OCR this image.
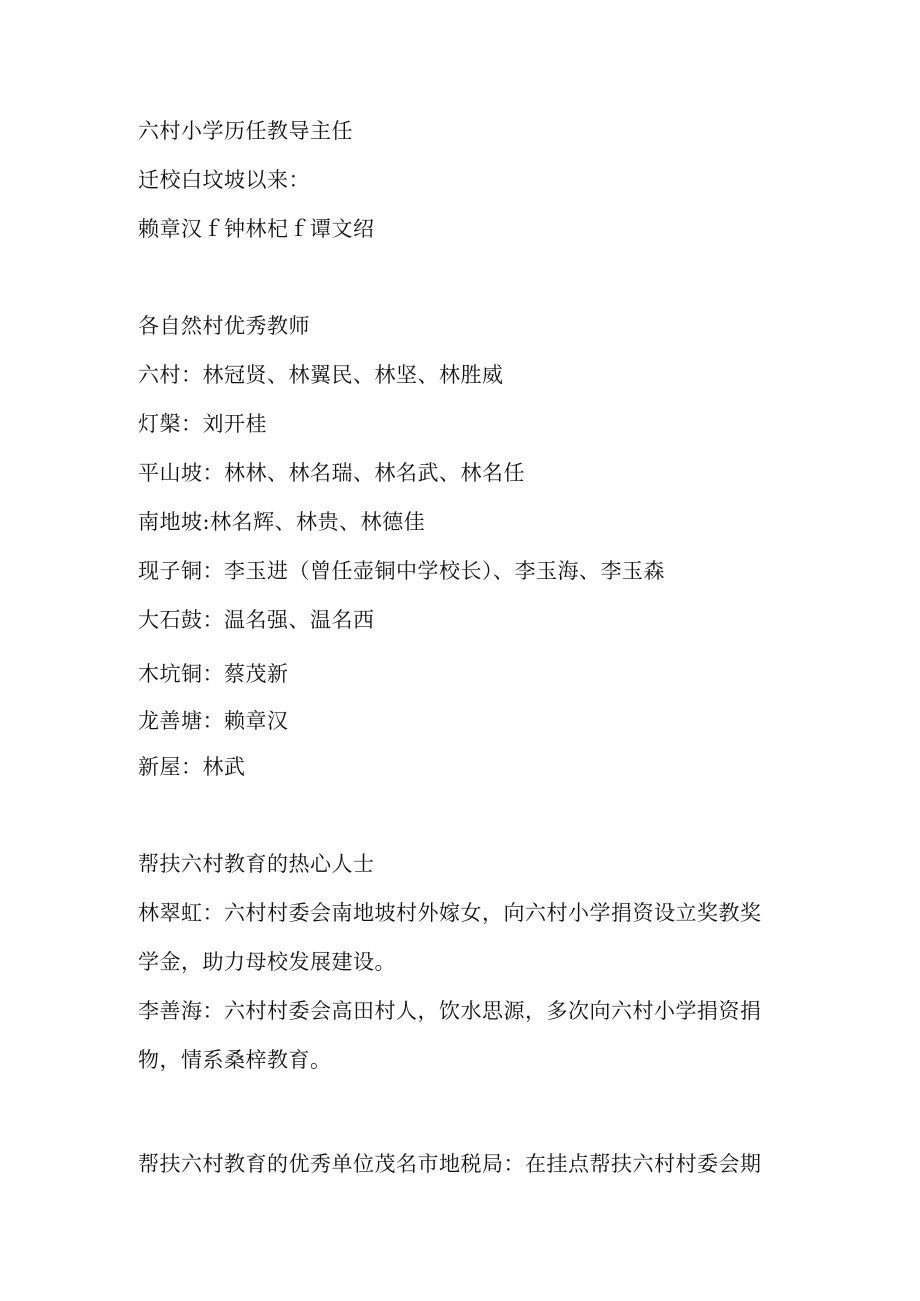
六村小学历任教导主任
迁校白坟坡以来：
赖章汉ｆ钟林杞ｆ谭文绍
各自然村优秀教师
六村：林冠贤、林翼民、林坚、林胜威
灯槃：刘开桂
平山坡：林林、林名瑞、林名武、林名任
南地坡:林名辉、林贵、林德佳
现子铜：李玉进（曾任壶铜中学校长）、李玉海、李玉森
大石鼓：温名强、温名西
木坑铜：蔡茂新
龙善塘：赖章汉
新屋：林武
帮扶六村教育的热心人士
林翠虹：六村村委会南地坡村外嫁女，向六村小学捐资设立奖教奖
学金，助力母校发展建设。
李善海：六村村委会高田村人，饮水思源，多次向六村小学捐资捐
物，情系桑梓教育。
帮扶六村教育的优秀单位茂名市地税局：在挂点帮扶六村村委会期
